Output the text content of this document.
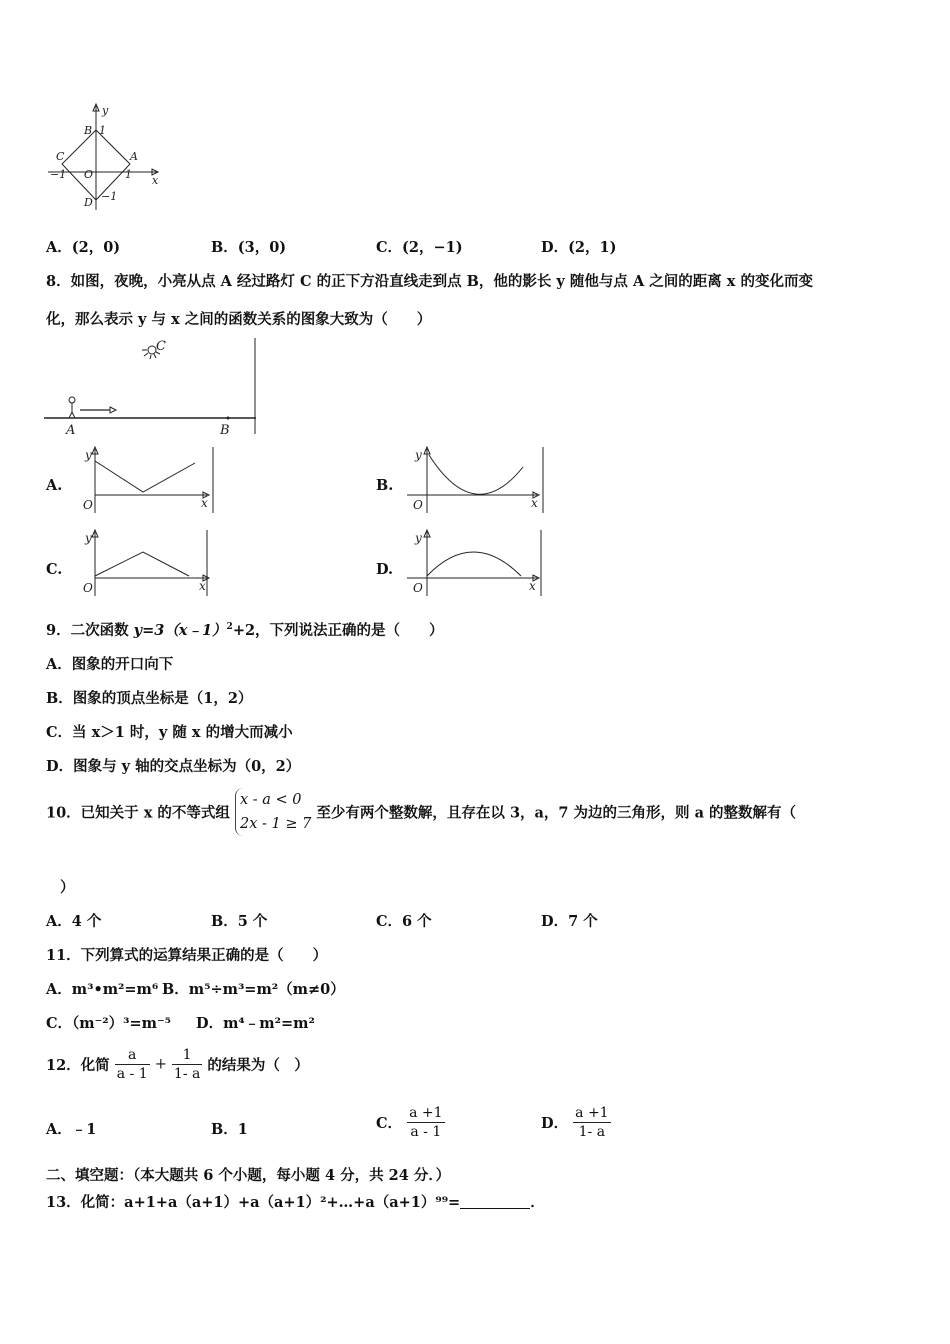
y
x
B 1
C	A
−1 O	1
D −1
A．(2，0)	B．(3，0)	C．(2，−1)	D．(2，1)
8．如图，夜晚，小亮从点 A 经过路灯 C 的正下方沿直线走到点 B，他的影长 y 随他与点 A 之间的距离 x 的变化而变
化，那么表示 y 与 x 之间的函数关系的图象大致为（　　）
C
A	B
A.
y
O	x
B.
y
O	x
C.
y
O	x
D.
y
O	x
9．二次函数 y=3（x﹣1）$^2$+2，下列说法正确的是（　　）
A．图象的开口向下
B．图象的顶点坐标是（1，2）
C．当 x＞1 时，y 随 x 的增大而减小
D．图象与 y 轴的交点坐标为（0，2）
10．已知关于 x 的不等式组 x - a < 0
2x - 1 ≥ 7 至少有两个整数解，且存在以 3，a，7 为边的三角形，则 a 的整数解有（
）
A．4 个	B．5 个	C．6 个	D．7 个
11．下列算式的运算结果正确的是（　　）
A．m³•m²=m⁶ B．m⁵÷m³=m²（m≠0）
C．（m⁻²）³=m⁻⁵ D．m⁴﹣m²=m²
12．化简 $\frac{a}{a - 1} + \frac{1}{1- a}$ 的结果为（　）
A．﹣1	B．1	C． $\frac{a +1}{a - 1}$	D． $\frac{a +1}{1- a}$
二、填空题：（本大题共 6 个小题，每小题 4 分，共 24 分．）
13．化简：a+1+a（a+1）+a（a+1）²+…+a（a+1）⁹⁹=	．
